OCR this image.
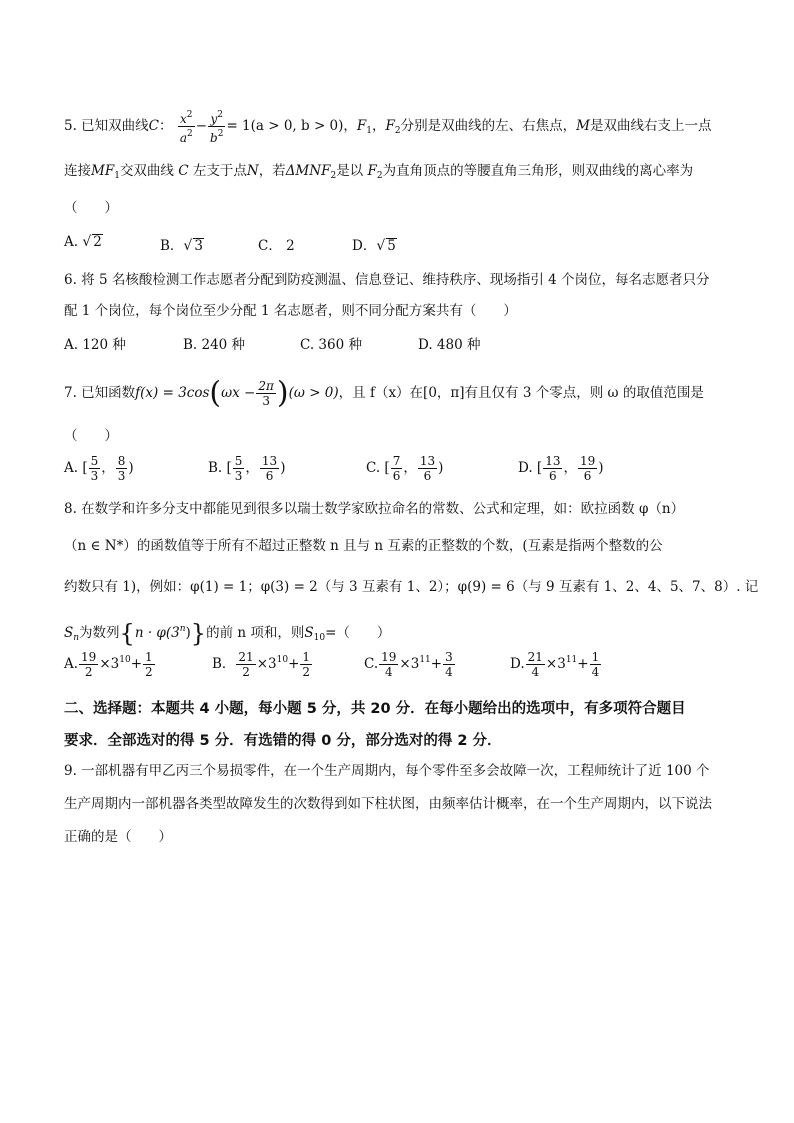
5. 已知双曲线C： $\frac{x^2}{a^2} - \frac{y^2}{b^2} = 1(a > 0$, b > 0)，$F_1$，$F_2$分别是双曲线的左、右焦点，M是双曲线右支上一点
连接$MF_1$交双曲线 C 左支于点N，若$\Delta MNF_2$是以 $F_2$为直角顶点的等腰直角三角形，则双曲线的离心率为
（　　）
A. √ 2	B．√ 3	C． 2	D．√ 5
6. 将 5 名核酸检测工作志愿者分配到防疫测温、信息登记、维持秩序、现场指引 4 个岗位，每名志愿者只分
配 1 个岗位，每个岗位至少分配 1 名志愿者，则不同分配方案共有（　　）
A. 120 种	B. 240 种	C. 360 种	D. 480 种
7. 已知函数$f(x) = 3\cos(\omega x - \frac{2\pi}{3} )(\omega > 0)$，且 f（x）在[0，π]有且仅有 3 个零点，则 ω 的取值范围是
（　　）
A. [ $\frac{5}{3}$ ， $\frac{8}{3}$ )	B. [ $\frac{5}{3}$ ， $\frac{13}{6}$ )	C. [ $\frac{7}{6}$ ， $\frac{13}{6}$ )	D. [ $\frac{13}{6}$ ， $\frac{19}{6}$ )
8. 在数学和许多分支中都能见到很多以瑞士数学家欧拉命名的常数、公式和定理，如：欧拉函数 φ（n）
（n ∈ N*）的函数值等于所有不超过正整数 n 且与 n 互素的正整数的个数，(互素是指两个整数的公
约数只有 1)，例如：φ(1) = 1；φ(3) = 2（与 3 互素有 1、2）；φ(9) = 6（与 9 互素有 1、2、4、5、7、8）. 记
$S_n$为数列$\{n \cdot \varphi(3^n)\}$的前 n 项和，则$S_{10}=$（　　）
A. $\frac{19}{2} \times 3^{10}+ \frac{1}{2}$	B． $\frac{21}{2} \times 3^{10}+ \frac{1}{2}$	C. $\frac{19}{4} \times 3^{11}+ \frac{3}{4}$	D. $\frac{21}{4} \times 3^{11}+ \frac{1}{4}$
二、选择题：本题共 4 小题，每小题 5 分，共 20 分．在每小题给出的选项中，有多项符合题目
要求．全部选对的得 5 分．有选错的得 0 分，部分选对的得 2 分．
9. 一部机器有甲乙丙三个易损零件，在一个生产周期内，每个零件至多会故障一次，工程师统计了近 100 个
生产周期内一部机器各类型故障发生的次数得到如下柱状图，由频率估计概率，在一个生产周期内，以下说法
正确的是（　　）
